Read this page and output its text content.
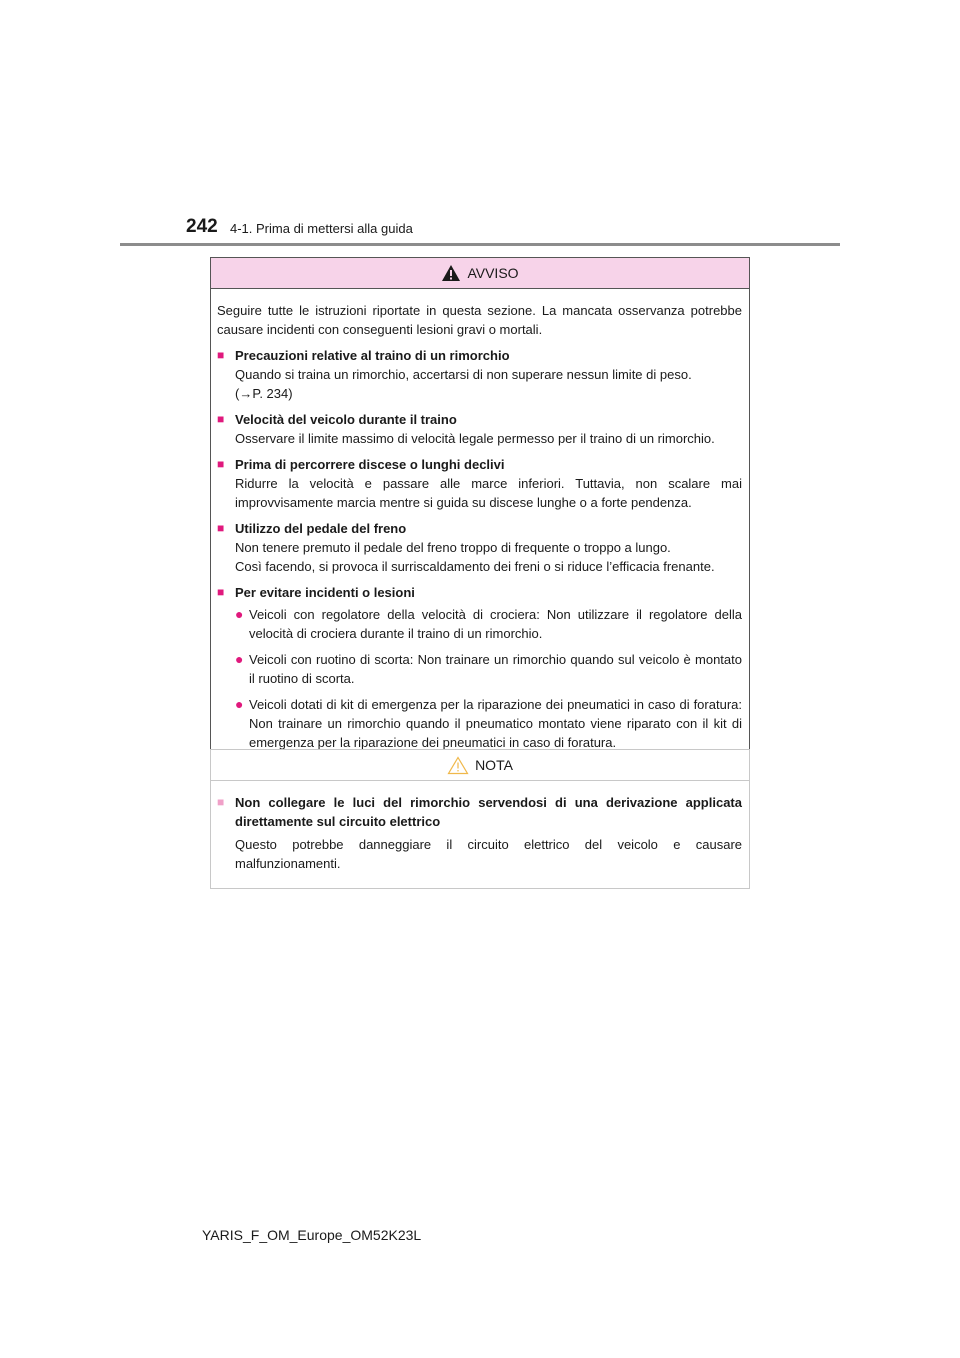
242 4-1. Prima di mettersi alla guida
AVVISO

Seguire tutte le istruzioni riportate in questa sezione. La mancata osservanza potrebbe causare incidenti con conseguenti lesioni gravi o mortali.

■ Precauzioni relative al traino di un rimorchio

Quando si traina un rimorchio, accertarsi di non superare nessun limite di peso.

(→P. 234)

■ Velocità del veicolo durante il traino

Osservare il limite massimo di velocità legale permesso per il traino di un rimorchio.

■ Prima di percorrere discese o lunghi declivi

Ridurre la velocità e passare alle marce inferiori. Tuttavia, non scalare mai improvvisamente marcia mentre si guida su discese lunghe o a forte pendenza.

■ Utilizzo del pedale del freno

Non tenere premuto il pedale del freno troppo di frequente o troppo a lungo.

Così facendo, si provoca il surriscaldamento dei freni o si riduce l’efficacia frenante.

■ Per evitare incidenti o lesioni

● Veicoli con regolatore della velocità di crociera: Non utilizzare il regolatore della velocità di crociera durante il traino di un rimorchio.
● Veicoli con ruotino di scorta: Non trainare un rimorchio quando sul veicolo è montato il ruotino di scorta.
● Veicoli dotati di kit di emergenza per la riparazione dei pneumatici in caso di foratura: Non trainare un rimorchio quando il pneumatico montato viene riparato con il kit di emergenza per la riparazione dei pneumatici in caso di foratura.
NOTA

■ Non collegare le luci del rimorchio servendosi di una derivazione applicata direttamente sul circuito elettrico

Questo potrebbe danneggiare il circuito elettrico del veicolo e causare malfunzionamenti.

YARIS_F_OM_Europe_OM52K23L
